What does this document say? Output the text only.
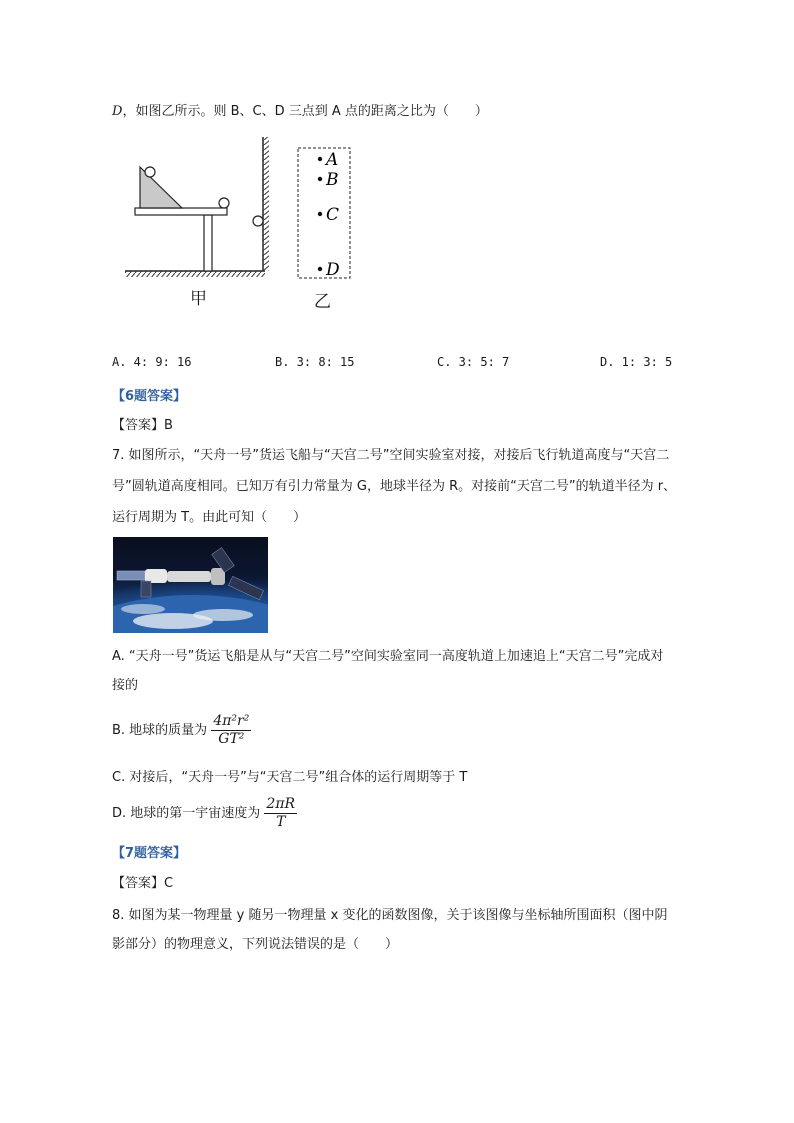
D，如图乙所示。则 B、C、D 三点到 A 点的距离之比为（　　）
甲
A
B
C
D
乙
A. 4: 9: 16	B. 3: 8: 15	C. 3: 5: 7	D. 1: 3: 5
【6题答案】
【答案】B
7. 如图所示，“天舟一号”货运飞船与“天宫二号”空间实验室对接，对接后飞行轨道高度与“天宫二
号”圆轨道高度相同。已知万有引力常量为 G，地球半径为 R。对接前“天宫二号”的轨道半径为 r、
运行周期为 T。由此可知（　　）
A. “天舟一号”货运飞船是从与“天宫二号”空间实验室同一高度轨道上加速追上“天宫二号”完成对
接的
B. 地球的质量为 $\frac{\text{4π²r²}}{\text{GT²}}$
C. 对接后，“天舟一号”与“天宫二号”组合体的运行周期等于 T
D. 地球的第一宇宙速度为 $\frac{2\pi R}{T}$
【7题答案】
【答案】C
8. 如图为某一物理量 y 随另一物理量 x 变化的函数图像，关于该图像与坐标轴所围面积（图中阴
影部分）的物理意义，下列说法错误的是（　　）
